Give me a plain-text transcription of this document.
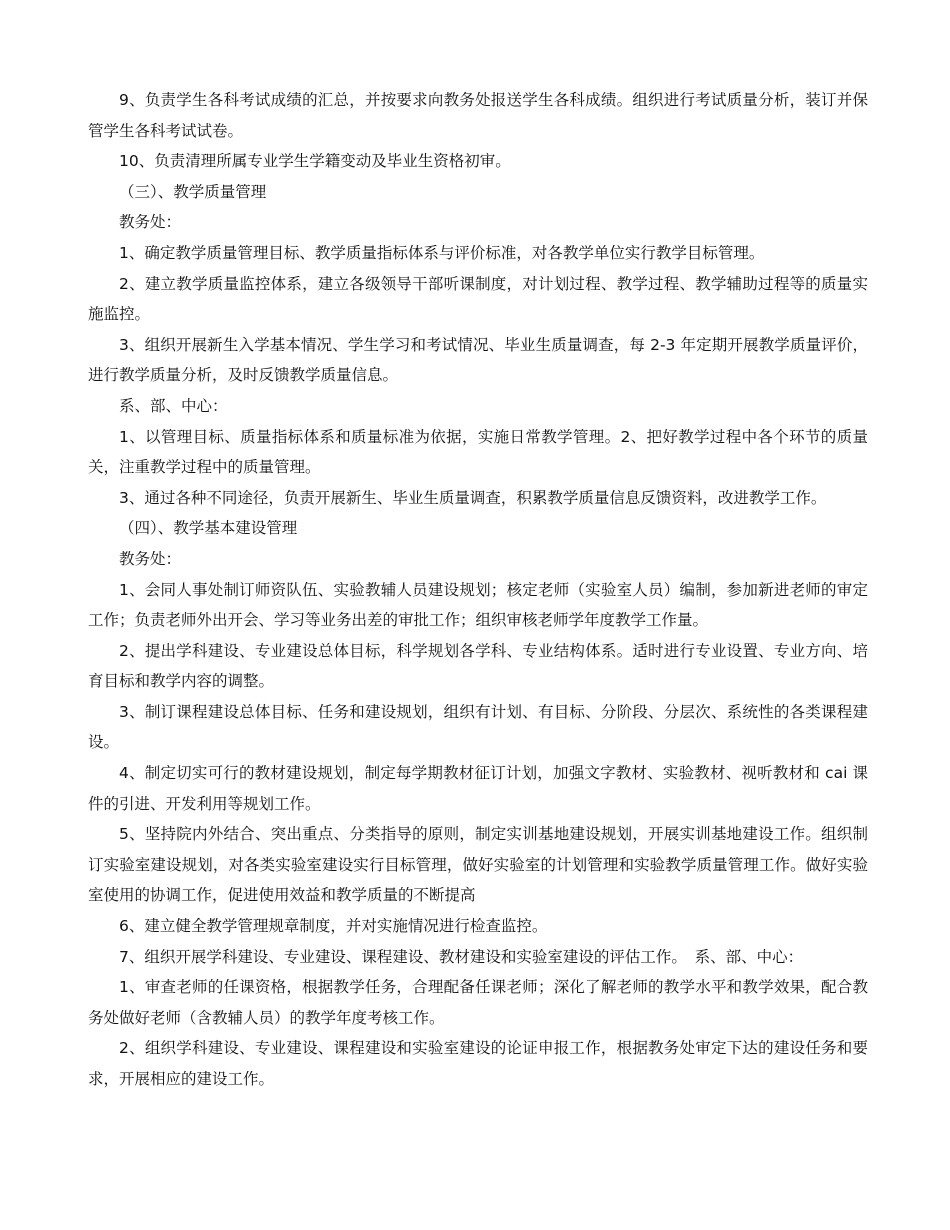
9、负责学生各科考试成绩的汇总，并按要求向教务处报送学生各科成绩。组织进行考试质量分析，装订并保管学生各科考试试卷。

10、负责清理所属专业学生学籍变动及毕业生资格初审。

（三）、教学质量管理

教务处：

1、确定教学质量管理目标、教学质量指标体系与评价标准，对各教学单位实行教学目标管理。

2、建立教学质量监控体系，建立各级领导干部听课制度，对计划过程、教学过程、教学辅助过程等的质量实施监控。

3、组织开展新生入学基本情况、学生学习和考试情况、毕业生质量调查，每 2-3 年定期开展教学质量评价，进行教学质量分析，及时反馈教学质量信息。

系、部、中心：

1、以管理目标、质量指标体系和质量标准为依据，实施日常教学管理。2、把好教学过程中各个环节的质量关，注重教学过程中的质量管理。

3、通过各种不同途径，负责开展新生、毕业生质量调查，积累教学质量信息反馈资料，改进教学工作。

（四）、教学基本建设管理

教务处：

1、会同人事处制订师资队伍、实验教辅人员建设规划；核定老师（实验室人员）编制，参加新进老师的审定工作；负责老师外出开会、学习等业务出差的审批工作；组织审核老师学年度教学工作量。

2、提出学科建设、专业建设总体目标，科学规划各学科、专业结构体系。适时进行专业设置、专业方向、培育目标和教学内容的调整。

3、制订课程建设总体目标、任务和建设规划，组织有计划、有目标、分阶段、分层次、系统性的各类课程建设。

4、制定切实可行的教材建设规划，制定每学期教材征订计划，加强文字教材、实验教材、视听教材和 cai 课件的引进、开发利用等规划工作。

5、坚持院内外结合、突出重点、分类指导的原则，制定实训基地建设规划，开展实训基地建设工作。组织制订实验室建设规划，对各类实验室建设实行目标管理，做好实验室的计划管理和实验教学质量管理工作。做好实验室使用的协调工作，促进使用效益和教学质量的不断提高

6、建立健全教学管理规章制度，并对实施情况进行检查监控。

7、组织开展学科建设、专业建设、课程建设、教材建设和实验室建设的评估工作。　系、部、中心：

1、审查老师的任课资格，根据教学任务，合理配备任课老师；深化了解老师的教学水平和教学效果，配合教务处做好老师（含教辅人员）的教学年度考核工作。

2、组织学科建设、专业建设、课程建设和实验室建设的论证申报工作，根据教务处审定下达的建设任务和要求，开展相应的建设工作。
